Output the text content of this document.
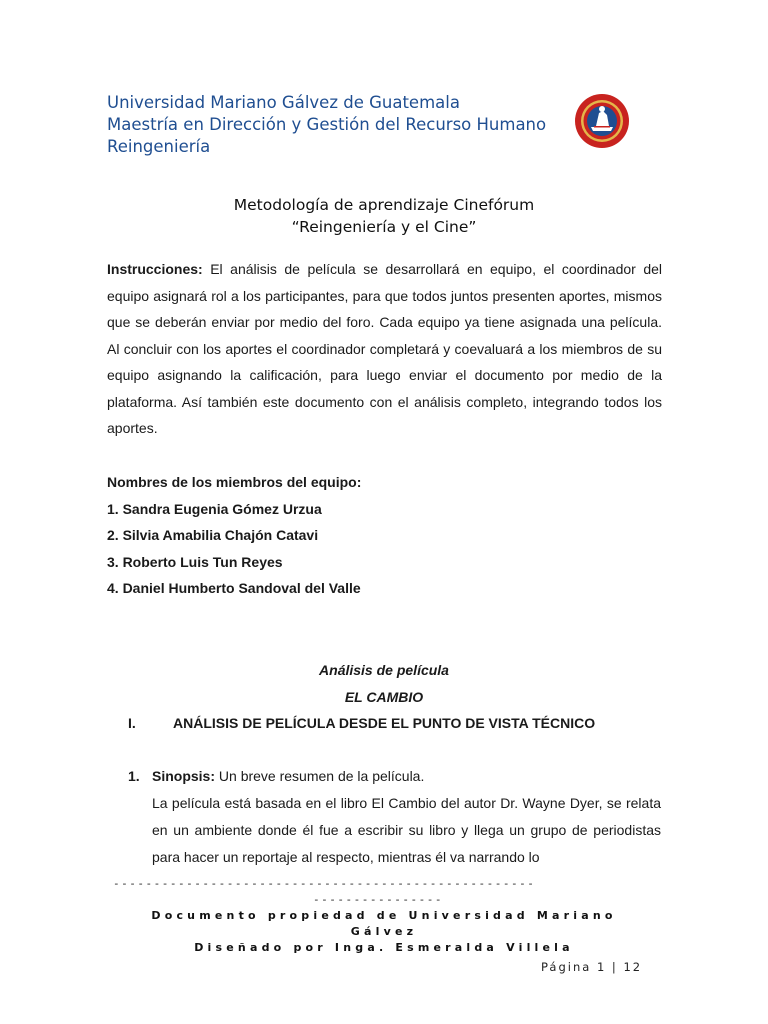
Universidad Mariano Gálvez de Guatemala
Maestría en Dirección y Gestión del Recurso Humano
Reingeniería
Metodología de aprendizaje Cinefórum
“Reingeniería y el Cine”
Instrucciones: El análisis de película se desarrollará en equipo, el coordinador del equipo asignará rol a los participantes, para que todos juntos presenten aportes, mismos que se deberán enviar por medio del foro. Cada equipo ya tiene asignada una película. Al concluir con los aportes el coordinador completará y coevaluará a los miembros de su equipo asignando la calificación, para luego enviar el documento por medio de la plataforma. Así también este documento con el análisis completo, integrando todos los aportes.
Nombres de los miembros del equipo:
1. Sandra Eugenia Gómez Urzua
2. Silvia Amabilia Chajón Catavi
3. Roberto Luis Tun Reyes
4. Daniel Humberto Sandoval del Valle
Análisis de película
EL CAMBIO
I.	ANÁLISIS DE PELÍCULA DESDE EL PUNTO DE VISTA TÉCNICO
1. Sinopsis: Un breve resumen de la película.
La película está basada en el libro El Cambio del autor Dr. Wayne Dyer, se relata en un ambiente donde él fue a escribir su libro y llega un grupo de periodistas para hacer un reportaje al respecto, mientras él va narrando lo
----------------------------------------------------
----------------
Documento propiedad de Universidad Mariano
Gálvez
Diseñado por Inga. Esmeralda Villela
Página 1 | 12
